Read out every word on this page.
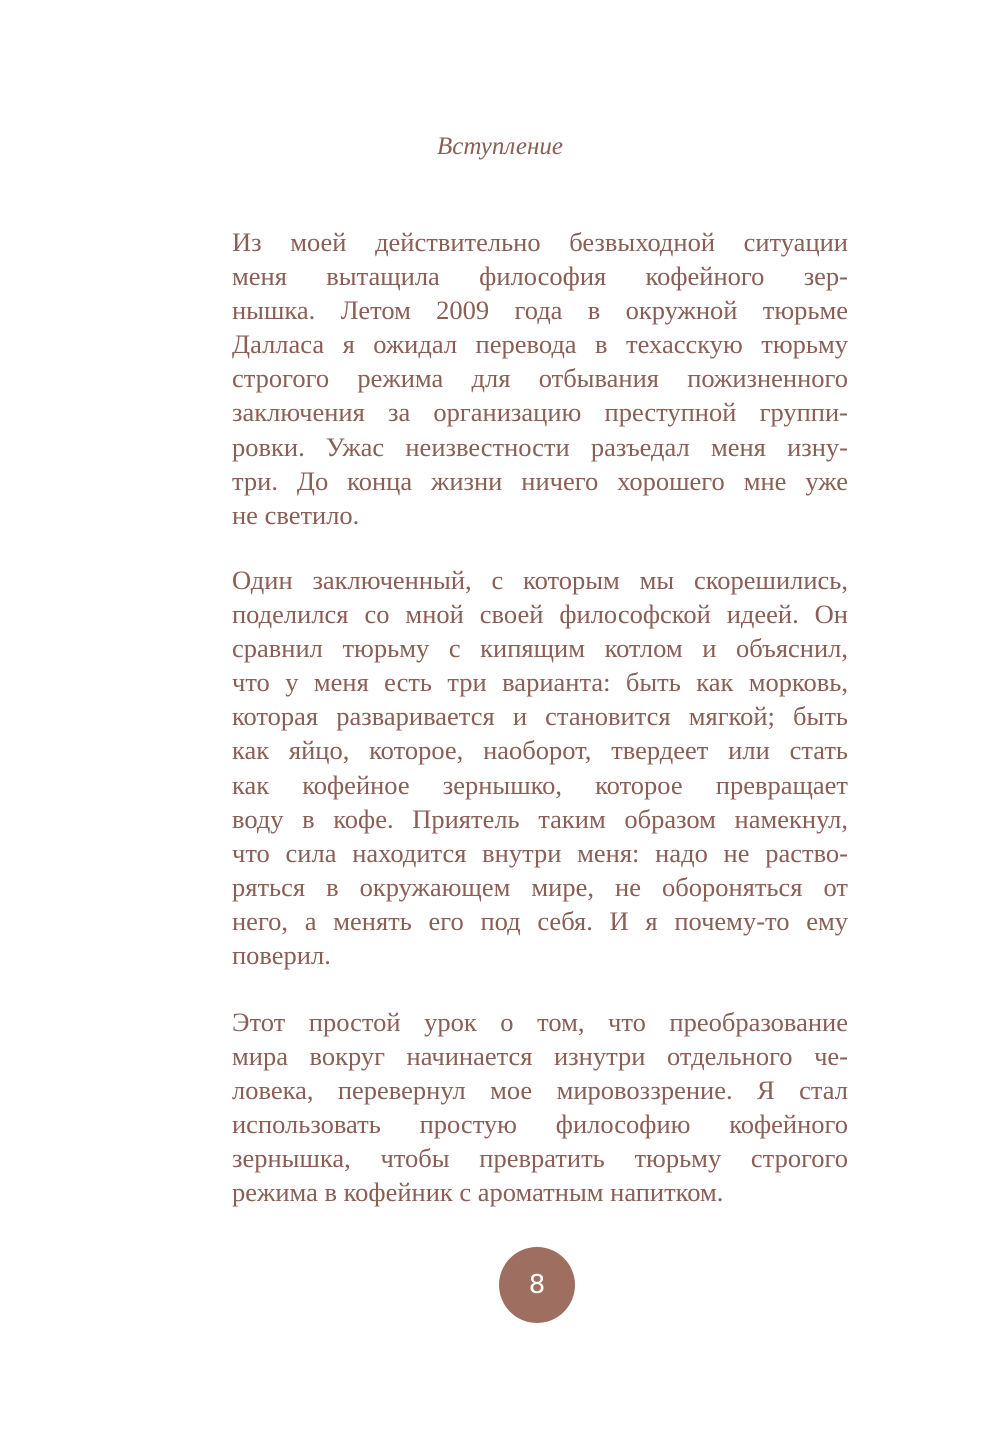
Вступление
Из моей действительно безвыходной ситуации
меня вытащила философия кофейного зер-
нышка. Летом 2009 года в окружной тюрьме
Далласа я ожидал перевода в техасскую тюрьму
строгого режима для отбывания пожизненного
заключения за организацию преступной группи-
ровки. Ужас неизвестности разъедал меня изну-
три. До конца жизни ничего хорошего мне уже
не светило.
Один заключенный, с которым мы скорешились,
поделился со мной своей философской идеей. Он
сравнил тюрьму с кипящим котлом и объяснил,
что у меня есть три варианта: быть как морковь,
которая разваривается и становится мягкой; быть
как яйцо, которое, наоборот, твердеет или стать
как кофейное зернышко, которое превращает
воду в кофе. Приятель таким образом намекнул,
что сила находится внутри меня: надо не раство-
ряться в окружающем мире, не обороняться от
него, а менять его под себя. И я почему-то ему
поверил.
Этот простой урок о том, что преобразование
мира вокруг начинается изнутри отдельного че-
ловека, перевернул мое мировоззрение. Я стал
использовать простую философию кофейного
зернышка, чтобы превратить тюрьму строгого
режима в кофейник с ароматным напитком.
8
